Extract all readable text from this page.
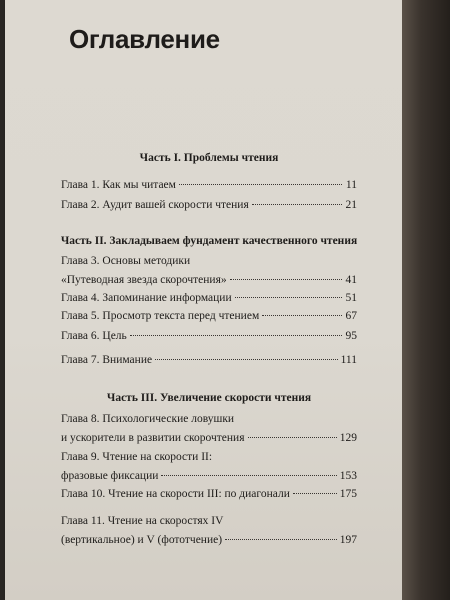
Оглавление
Часть I. Проблемы чтения
Глава 1. Как мы читаем	11
Глава 2. Аудит вашей скорости чтения	21
Часть II. Закладываем фундамент качественного чтения
Глава 3. Основы методики
«Путеводная звезда скорочтения»	41
Глава 4. Запоминание информации	51
Глава 5. Просмотр текста перед чтением	67
Глава 6. Цель	95
Глава 7. Внимание	111
Часть III. Увеличение скорости чтения
Глава 8. Психологические ловушки
и ускорители в развитии скорочтения	129
Глава 9. Чтение на скорости II:
фразовые фиксации	153
Глава 10. Чтение на скорости III: по диагонали	175
Глава 11. Чтение на скоростях IV
(вертикальное) и V (фототчение)	197
